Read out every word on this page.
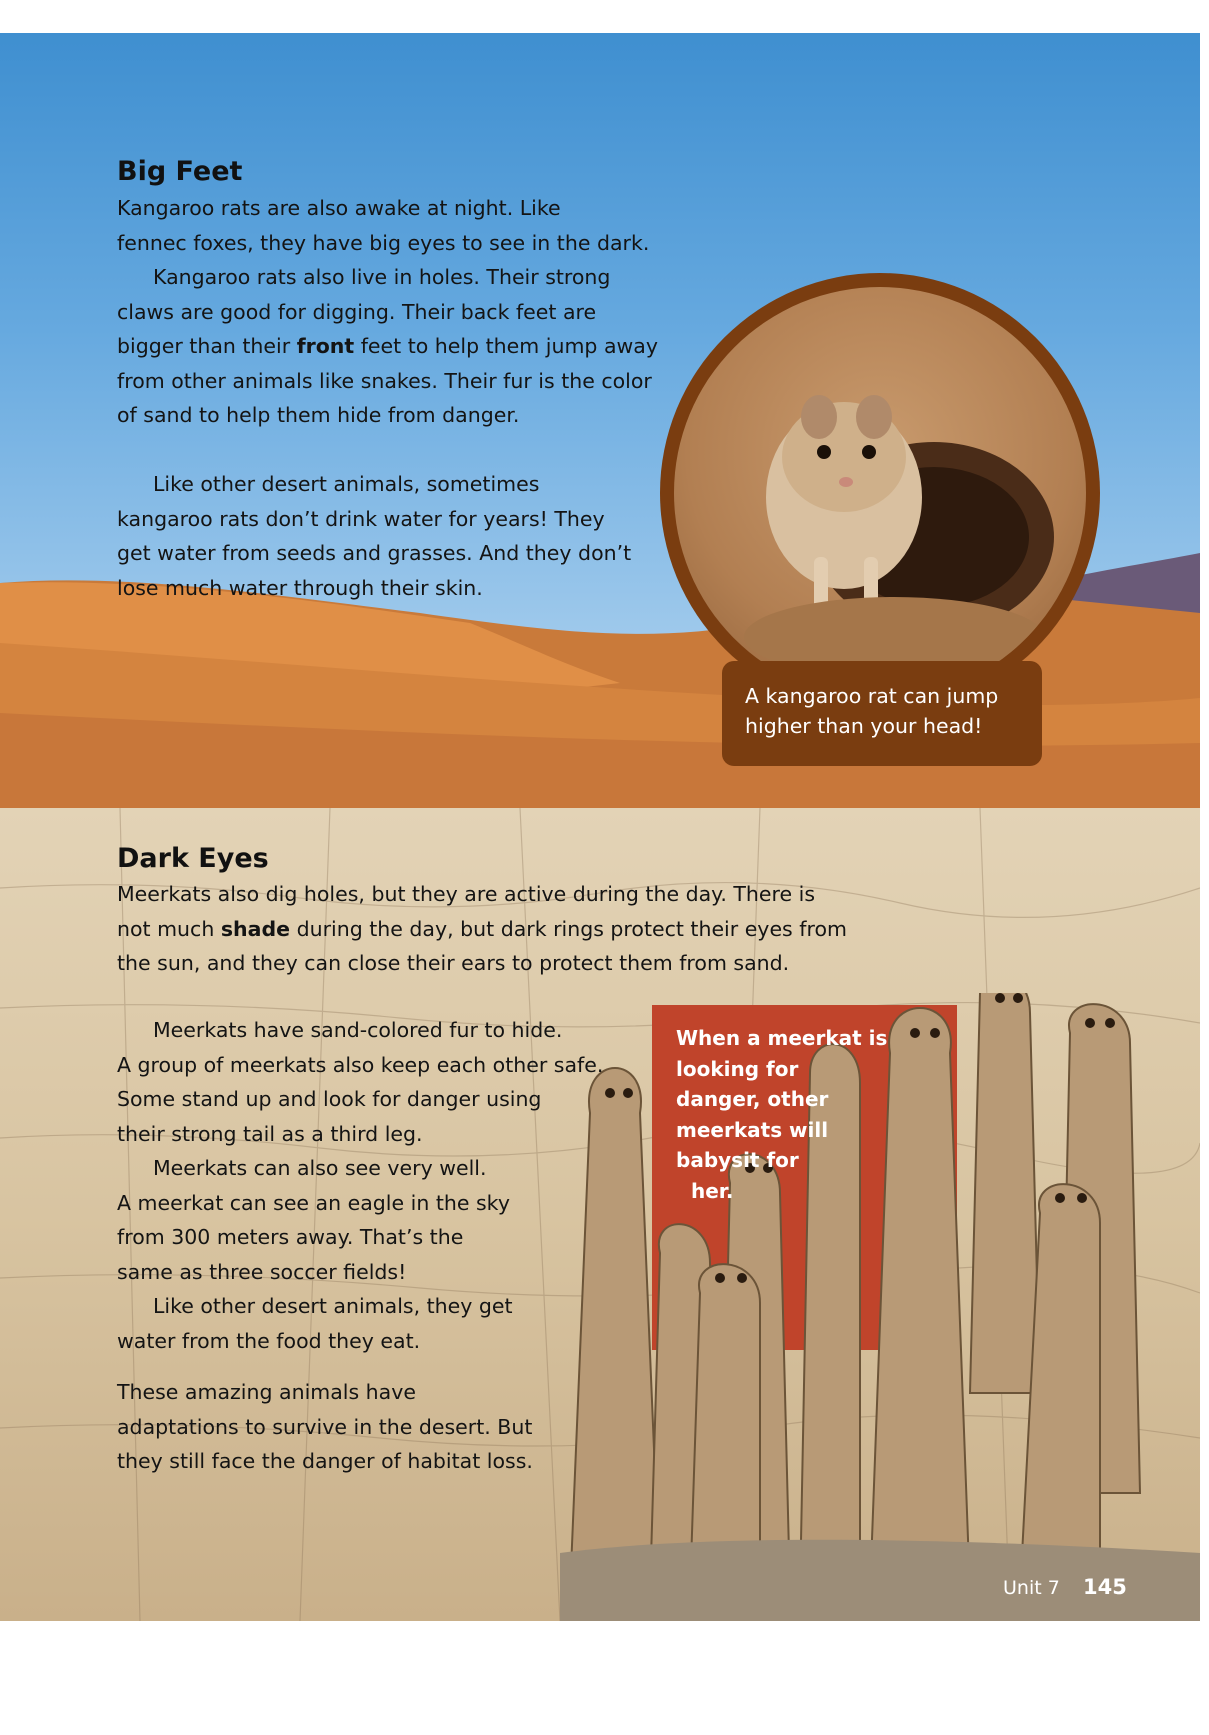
Big Feet
Kangaroo rats are also awake at night. Like
fennec foxes, they have big eyes to see in the dark.
Kangaroo rats also live in holes. Their strong
claws are good for digging. Their back feet are
bigger than their front feet to help them jump away
from other animals like snakes. Their fur is the color
of sand to help them hide from danger.
Like other desert animals, sometimes
kangaroo rats don’t drink water for years! They
get water from seeds and grasses. And they don’t
lose much water through their skin.
A kangaroo rat can jump
higher than your head!
Dark Eyes
Meerkats also dig holes, but they are active during the day. There is
not much shade during the day, but dark rings protect their eyes from
the sun, and they can close their ears to protect them from sand.
When a meerkat is
looking for
danger, other
meerkats will
babysit for
her.
Meerkats have sand-colored fur to hide.
A group of meerkats also keep each other safe.
Some stand up and look for danger using
their strong tail as a third leg.
Meerkats can also see very well.
A meerkat can see an eagle in the sky
from 300 meters away. That’s the
same as three soccer fields!
Like other desert animals, they get
water from the food they eat.
These amazing animals have
adaptations to survive in the desert. But
they still face the danger of habitat loss.
Unit 7 145
